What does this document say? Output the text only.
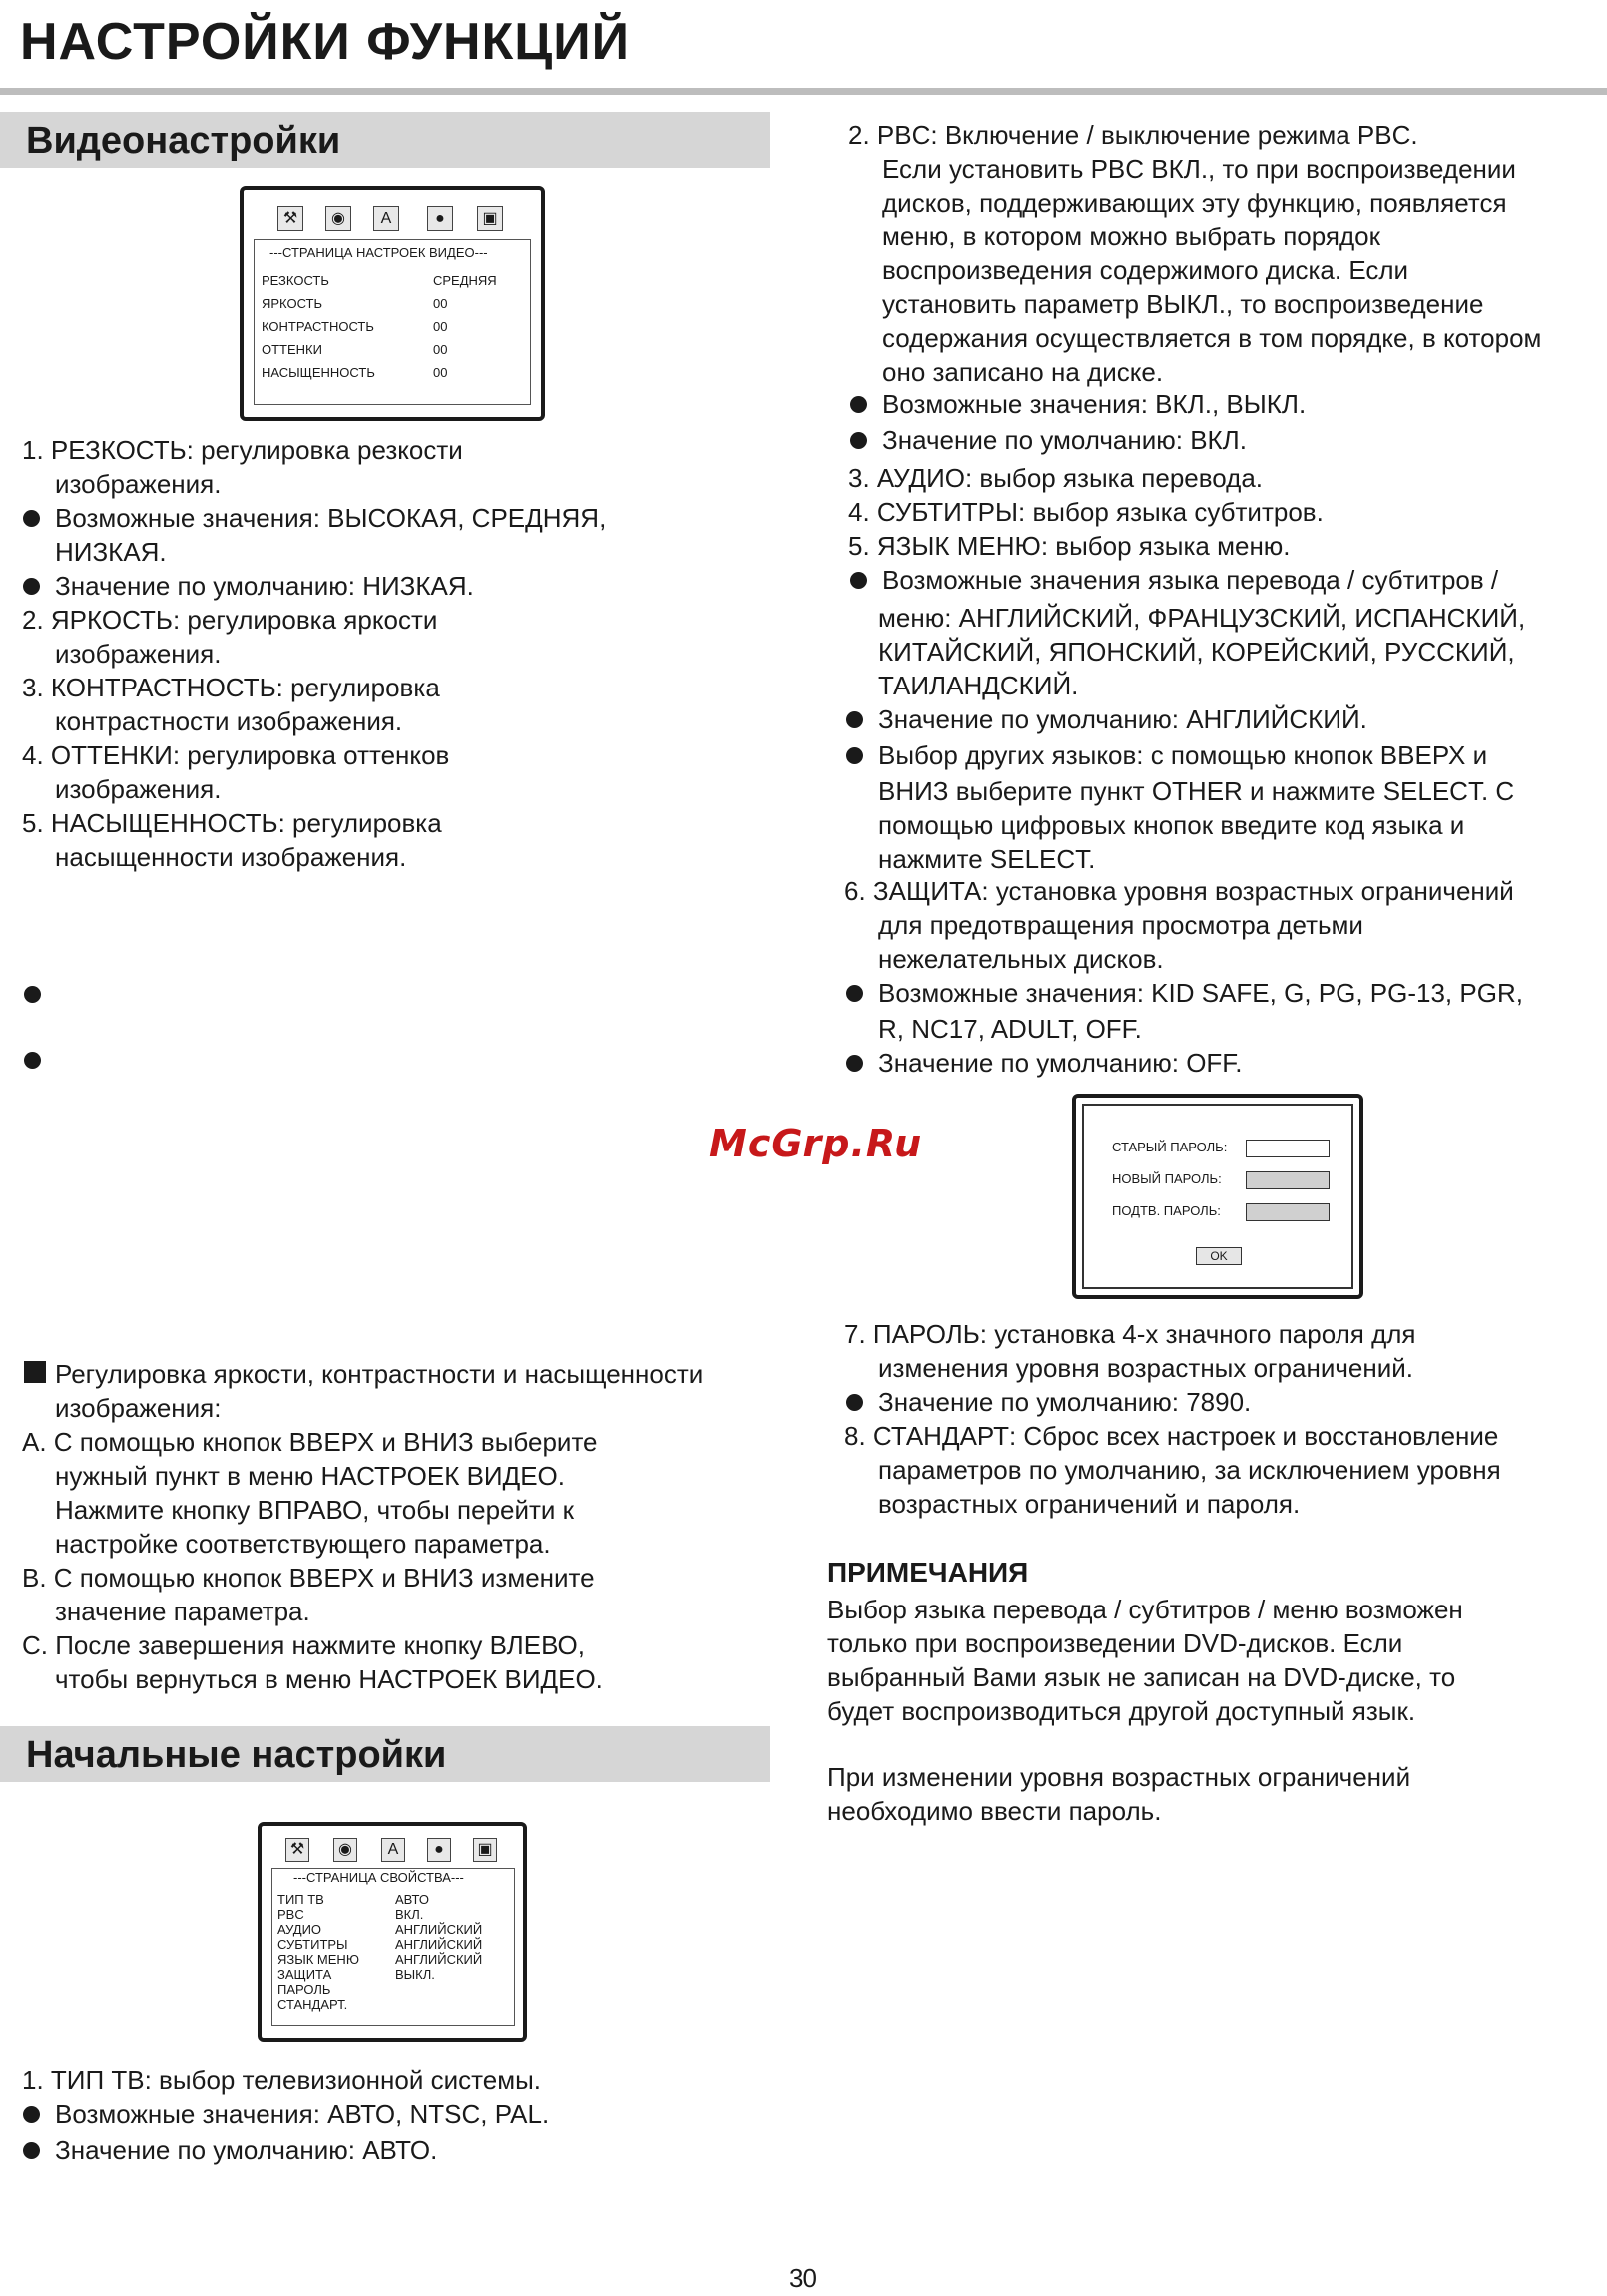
НАСТРОЙКИ ФУНКЦИЙ
Видеонастройки
⚒	◉	A	●	▣
---СТРАНИЦА НАСТРОЕК ВИДЕО---
РЕЗКОСТЬ	СРЕДНЯЯ
ЯРКОСТЬ	00
КОНТРАСТНОСТЬ	00
ОТТЕНКИ	00
НАСЫЩЕННОСТЬ	00
1. РЕЗКОСТЬ: регулировка резкости
изображения.
Возможные значения: ВЫСОКАЯ, СРЕДНЯЯ,
НИЗКАЯ.
Значение по умолчанию: НИЗКАЯ.
2. ЯРКОСТЬ: регулировка яркости
изображения.
3. КОНТРАСТНОСТЬ: регулировка
контрастности изображения.
4. ОТТЕНКИ: регулировка оттенков
изображения.
5. НАСЫЩЕННОСТЬ: регулировка
насыщенности изображения.
Регулировка яркости, контрастности и насыщенности
изображения:
A. С помощью кнопок ВВЕРХ и ВНИЗ выберите
нужный пункт в меню НАСТРОЕК ВИДЕО.
Нажмите кнопку ВПРАВО, чтобы перейти к
настройке соответствующего параметра.
B. С помощью кнопок ВВЕРХ и ВНИЗ измените
значение параметра.
C. После завершения нажмите кнопку ВЛЕВО,
чтобы вернуться в меню НАСТРОЕК ВИДЕО.
Начальные настройки
⚒	◉	A	●	▣
---СТРАНИЦА СВОЙСТВА---
ТИП ТВ	АВТО
PBC	ВКЛ.
АУДИО	АНГЛИЙСКИЙ
СУБТИТРЫ	АНГЛИЙСКИЙ
ЯЗЫК МЕНЮ	АНГЛИЙСКИЙ
ЗАЩИТА	ВЫКЛ.
ПАРОЛЬ
СТАНДАРТ.
1. ТИП ТВ: выбор телевизионной системы.
Возможные значения: АВТО, NTSC, PAL.
Значение по умолчанию: АВТО.
2. PBC: Включение / выключение режима PBC.
Если установить PBC ВКЛ., то при воспроизведении
дисков, поддерживающих эту функцию, появляется
меню, в котором можно выбрать порядок
воспроизведения содержимого диска. Если
установить параметр ВЫКЛ., то воспроизведение
содержания осуществляется в том порядке, в котором
оно записано на диске.
Возможные значения: ВКЛ., ВЫКЛ.
Значение по умолчанию: ВКЛ.
3. АУДИО: выбор языка перевода.
4. СУБТИТРЫ: выбор языка субтитров.
5. ЯЗЫК МЕНЮ: выбор языка меню.
Возможные значения языка перевода / субтитров /
меню: АНГЛИЙСКИЙ, ФРАНЦУЗСКИЙ, ИСПАНСКИЙ,
КИТАЙСКИЙ, ЯПОНСКИЙ, КОРЕЙСКИЙ, РУССКИЙ,
ТАИЛАНДСКИЙ.
Значение по умолчанию: АНГЛИЙСКИЙ.
Выбор других языков: с помощью кнопок ВВЕРХ и
ВНИЗ выберите пункт OTHER и нажмите SELECT. С
помощью цифровых кнопок введите код языка и
нажмите SELECT.
6. ЗАЩИТА: установка уровня возрастных ограничений
для предотвращения просмотра детьми
нежелательных дисков.
Возможные значения: KID SAFE, G, PG, PG-13, PGR,
R, NC17, ADULT, OFF.
Значение по умолчанию: OFF.
СТАРЫЙ ПАРОЛЬ:
НОВЫЙ ПАРОЛЬ:
ПОДТВ. ПАРОЛЬ:
OK
7. ПАРОЛЬ: установка 4-х значного пароля для
изменения уровня возрастных ограничений.
Значение по умолчанию: 7890.
8. СТАНДАРТ: Сброс всех настроек и восстановление
параметров по умолчанию, за исключением уровня
возрастных ограничений и пароля.
ПРИМЕЧАНИЯ
Выбор языка перевода / субтитров / меню возможен
только при воспроизведении DVD-дисков. Если
выбранный Вами язык не записан на DVD-диске, то
будет воспроизводиться другой доступный язык.
При изменении уровня возрастных ограничений
необходимо ввести пароль.
McGrp.Ru
30
